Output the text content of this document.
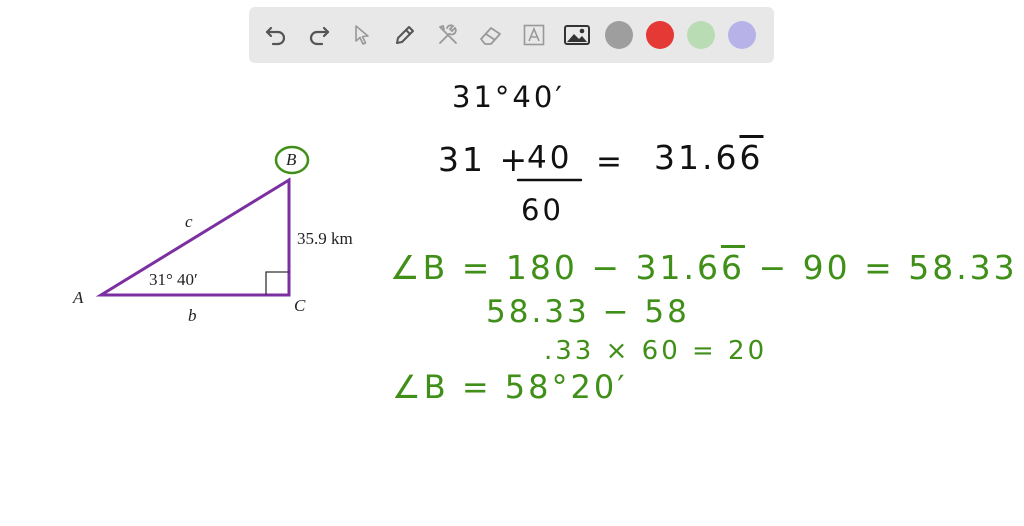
A
B
C
c
b
35.9 km
31° 40′
31°40′
31 +
40
60
= 31.66
∠B = 180 − 31.66 − 90 = 58.33
58.33 − 58
.33 × 60 = 20
∠B = 58°20′
